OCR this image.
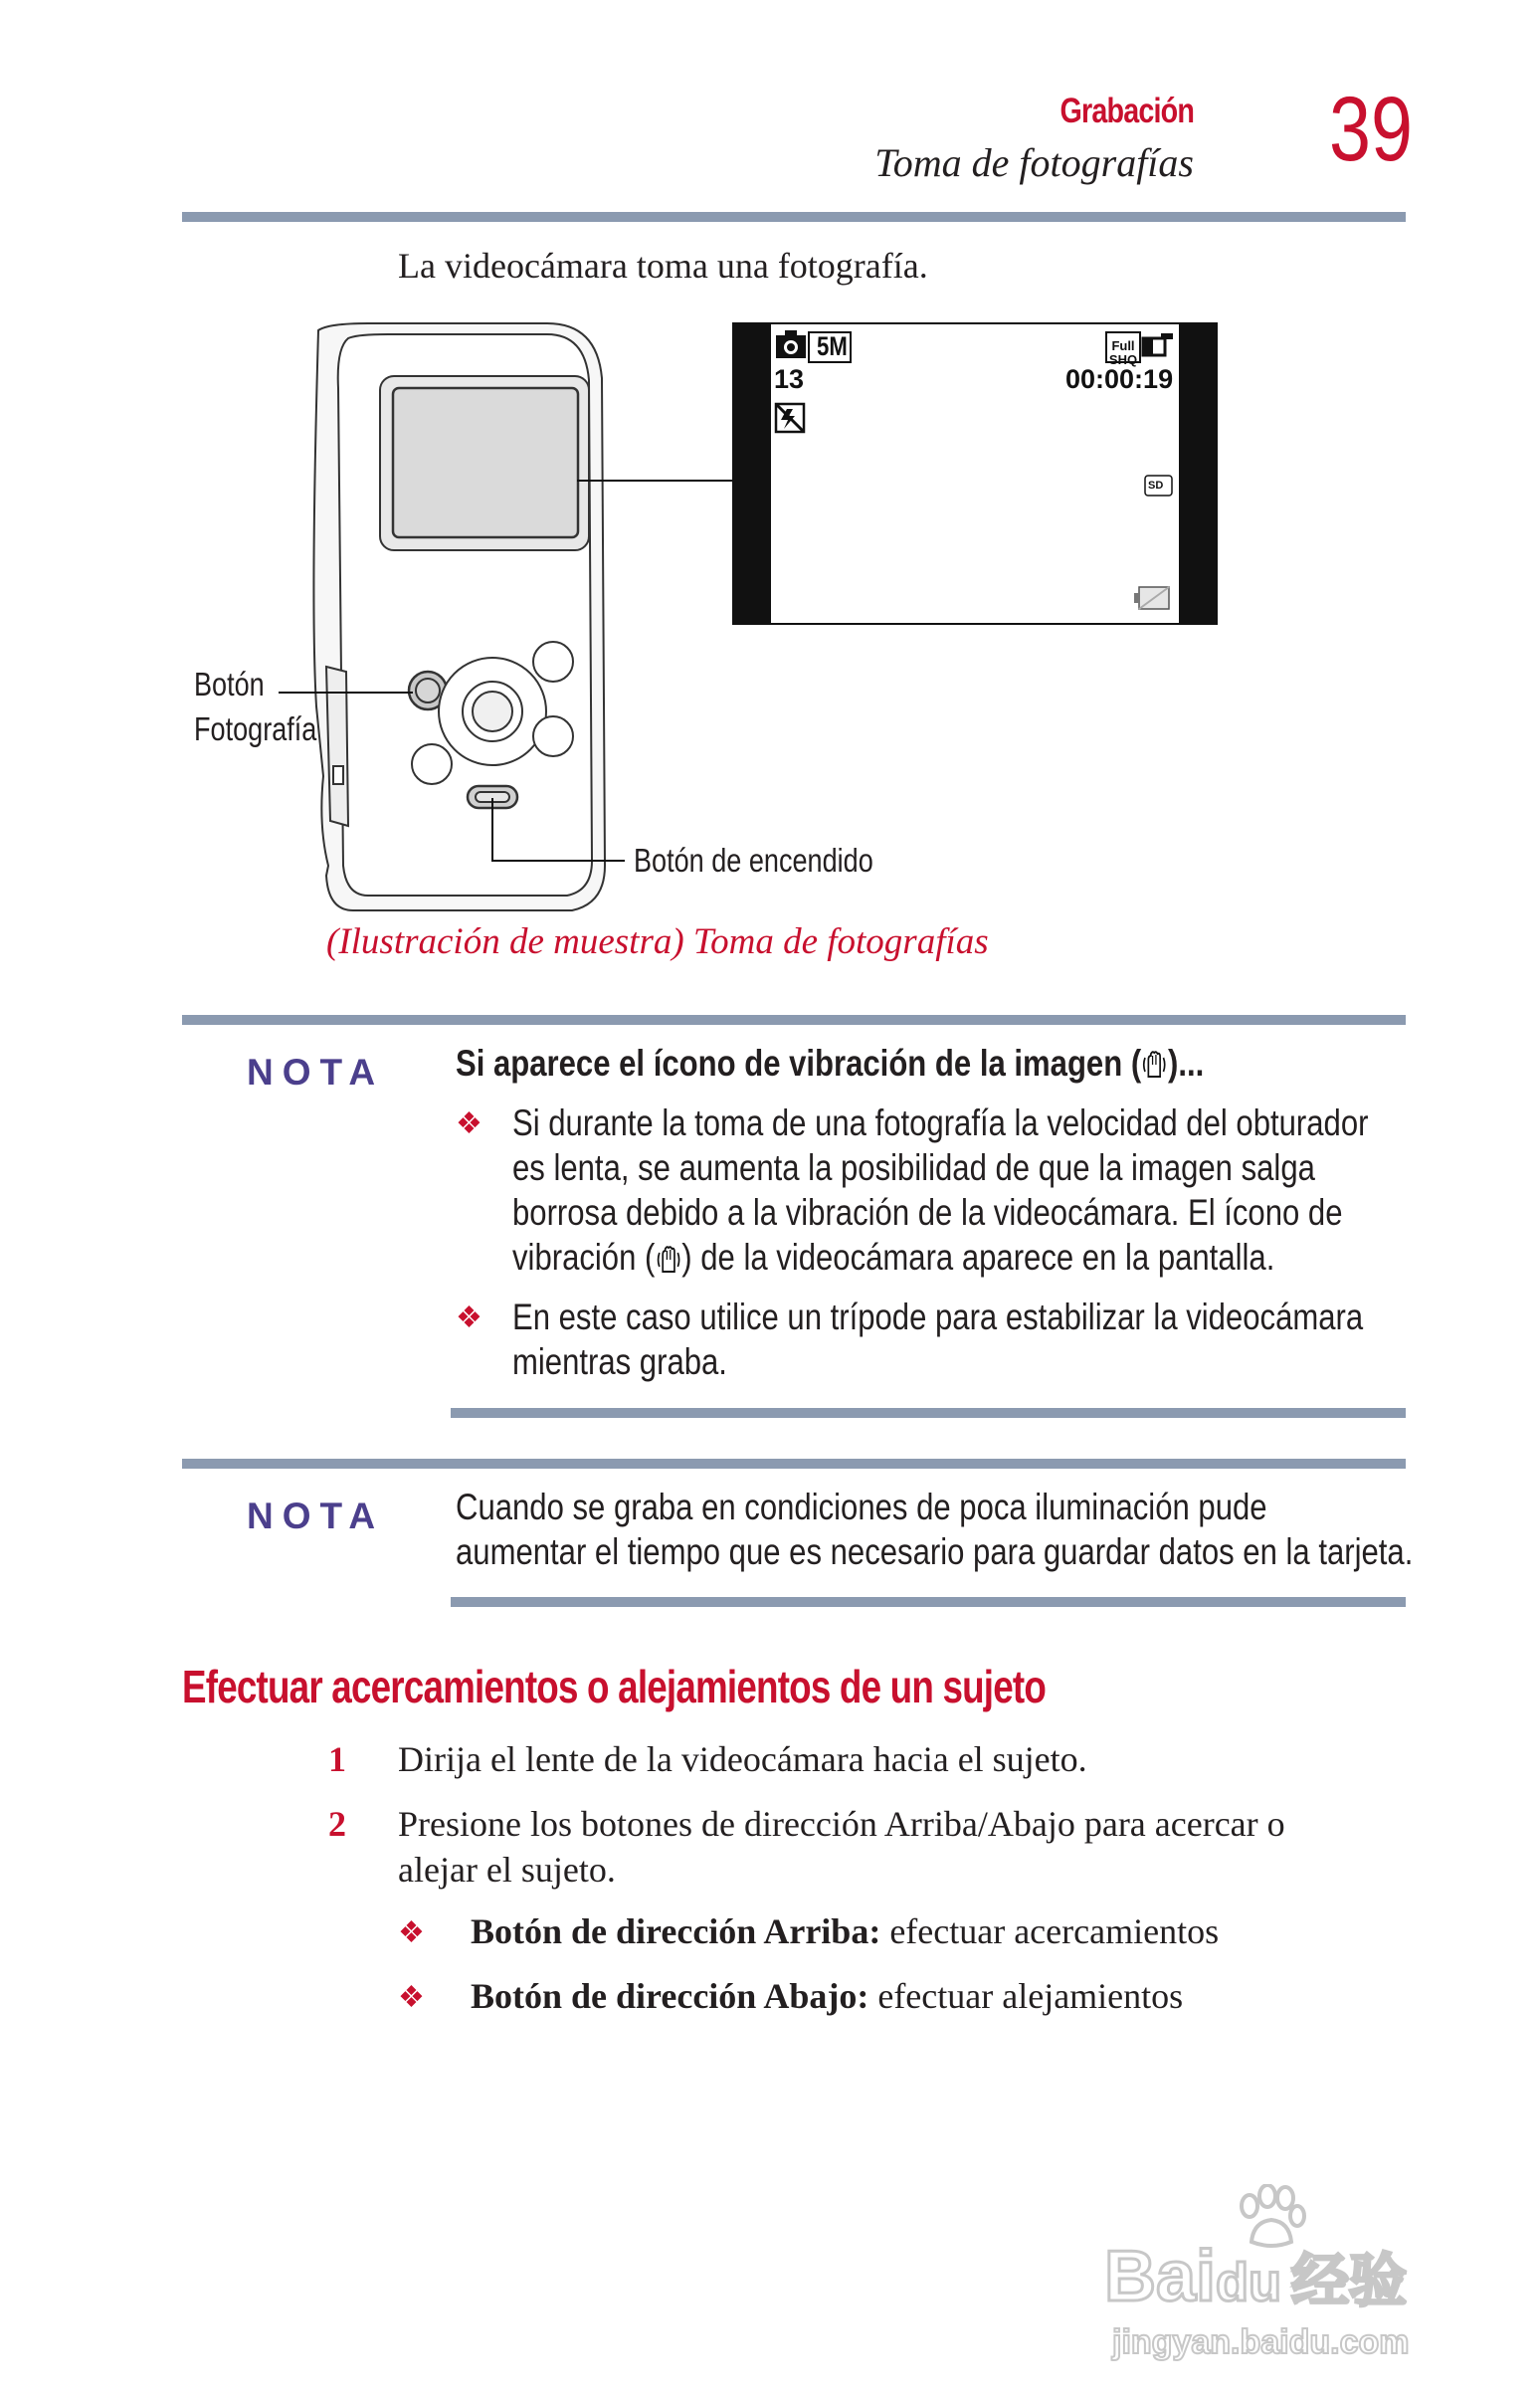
Grabación
Toma de fotografías 39
La videocámara toma una fotografía.
5M	Full SHQ
13	00:00:19
SD
Botón
Fotografía
Botón de encendido
(Ilustración de muestra) Toma de fotografías
NOTA Si aparece el ícono de vibración de la imagen ( )...
❖ Si durante la toma de una fotografía la velocidad del obturador
es lenta, se aumenta la posibilidad de que la imagen salga
borrosa debido a la vibración de la videocámara. El ícono de
vibración ( ) de la videocámara aparece en la pantalla.
❖ En este caso utilice un trípode para estabilizar la videocámara
mientras graba.
NOTA Cuando se graba en condiciones de poca iluminación pude
aumentar el tiempo que es necesario para guardar datos en la tarjeta.
Efectuar acercamientos o alejamientos de un sujeto
1 Dirija el lente de la videocámara hacia el sujeto.
2 Presione los botones de dirección Arriba/Abajo para acercar o
alejar el sujeto.
❖ Botón de dirección Arriba: efectuar acercamientos
❖ Botón de dirección Abajo: efectuar alejamientos
Baidu 经验
jingyan.baidu.com
